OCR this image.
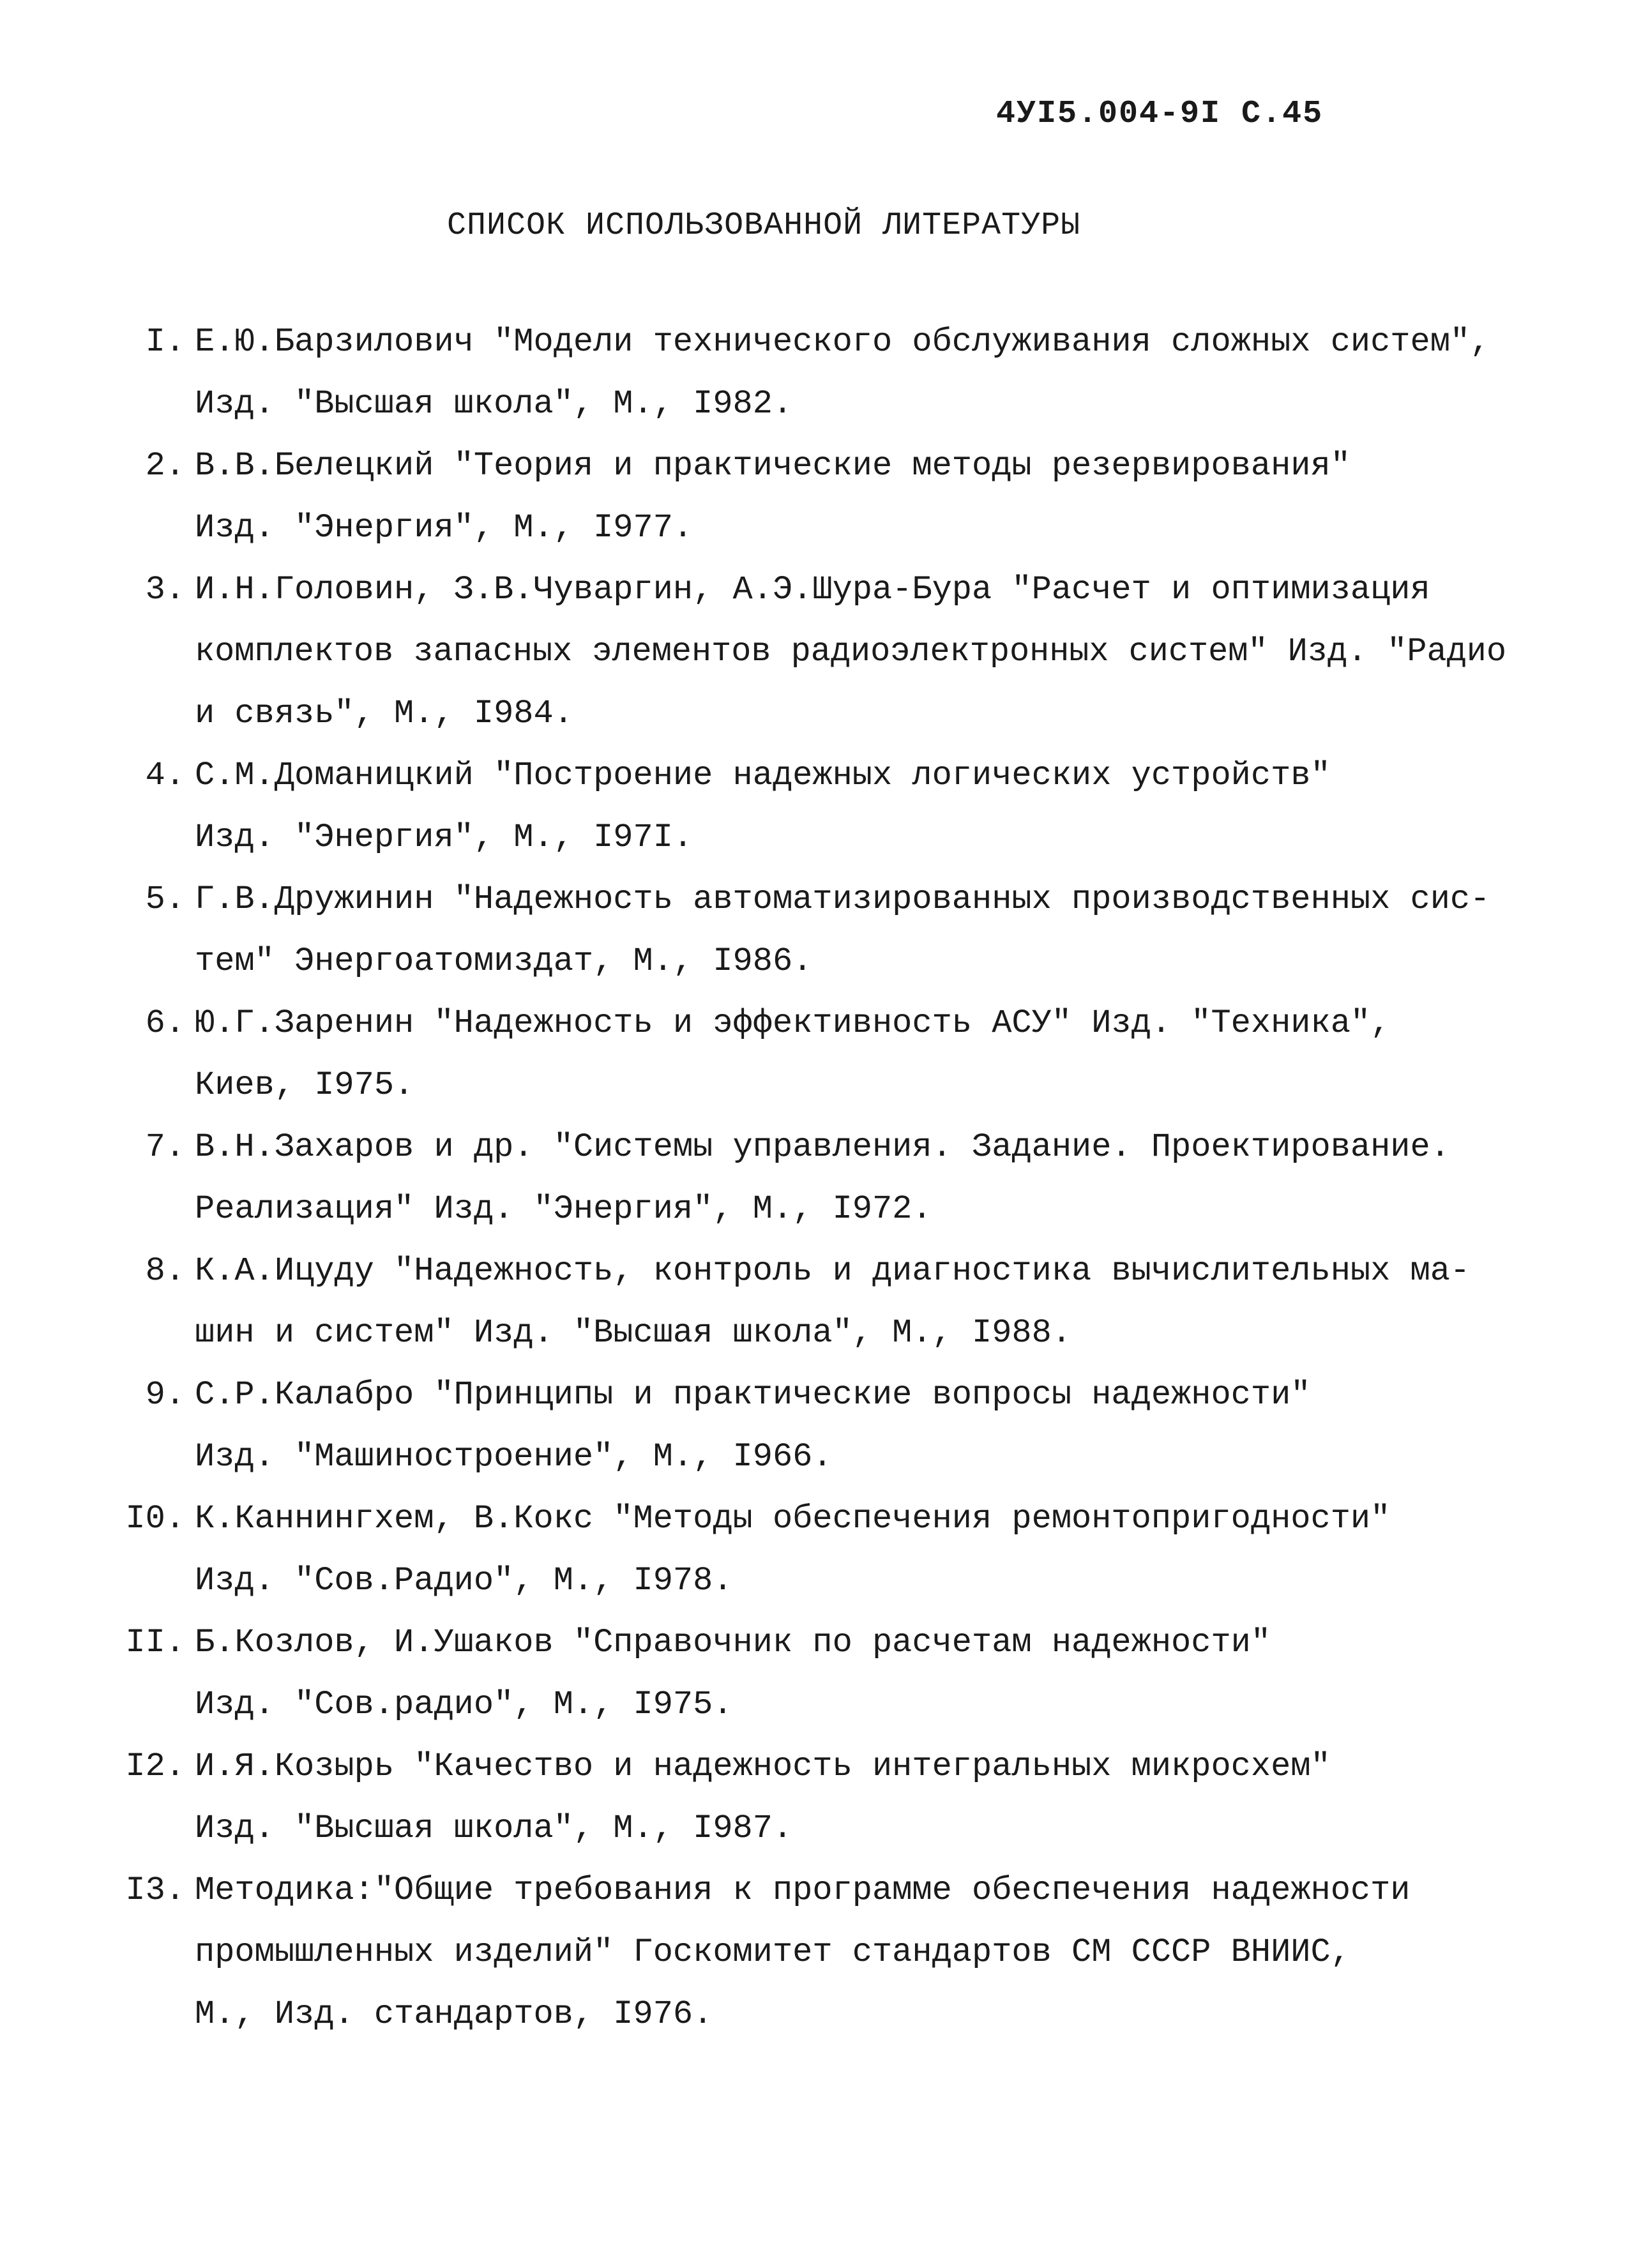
4УI5.004-9I С.45
СПИСОК ИСПОЛЬЗОВАННОЙ ЛИТЕРАТУРЫ
I. Е.Ю.Барзилович "Модели технического обслуживания сложных систем",
Изд. "Высшая школа", М., I982.
2. В.В.Белецкий "Теория и практические методы резервирования"
Изд. "Энергия", М., I977.
3. И.Н.Головин, З.В.Чуваргин, А.Э.Шура-Бура "Расчет и оптимизация
комплектов запасных элементов радиоэлектронных систем" Изд. "Радио
и связь", М., I984.
4. С.М.Доманицкий "Построение надежных логических устройств"
Изд. "Энергия", М., I97I.
5. Г.В.Дружинин "Надежность автоматизированных производственных сис-
тем" Энергоатомиздат, М., I986.
6. Ю.Г.Заренин "Надежность и эффективность АСУ" Изд. "Техника",
Киев, I975.
7. В.Н.Захаров и др. "Системы управления. Задание. Проектирование.
Реализация" Изд. "Энергия", М., I972.
8. К.А.Ицуду "Надежность, контроль и диагностика вычислительных ма-
шин и систем" Изд. "Высшая школа", М., I988.
9. С.Р.Калабро "Принципы и практические вопросы надежности"
Изд. "Машиностроение", М., I966.
I0. К.Каннингхем, В.Кокс "Методы обеспечения ремонтопригодности"
Изд. "Сов.Радио", М., I978.
II. Б.Козлов, И.Ушаков "Справочник по расчетам надежности"
Изд. "Сов.радио", М., I975.
I2. И.Я.Козырь "Качество и надежность интегральных микросхем"
Изд. "Высшая школа", М., I987.
I3. Методика:"Общие требования к программе обеспечения надежности
промышленных изделий" Госкомитет стандартов СМ СССР ВНИИС,
М., Изд. стандартов, I976.
